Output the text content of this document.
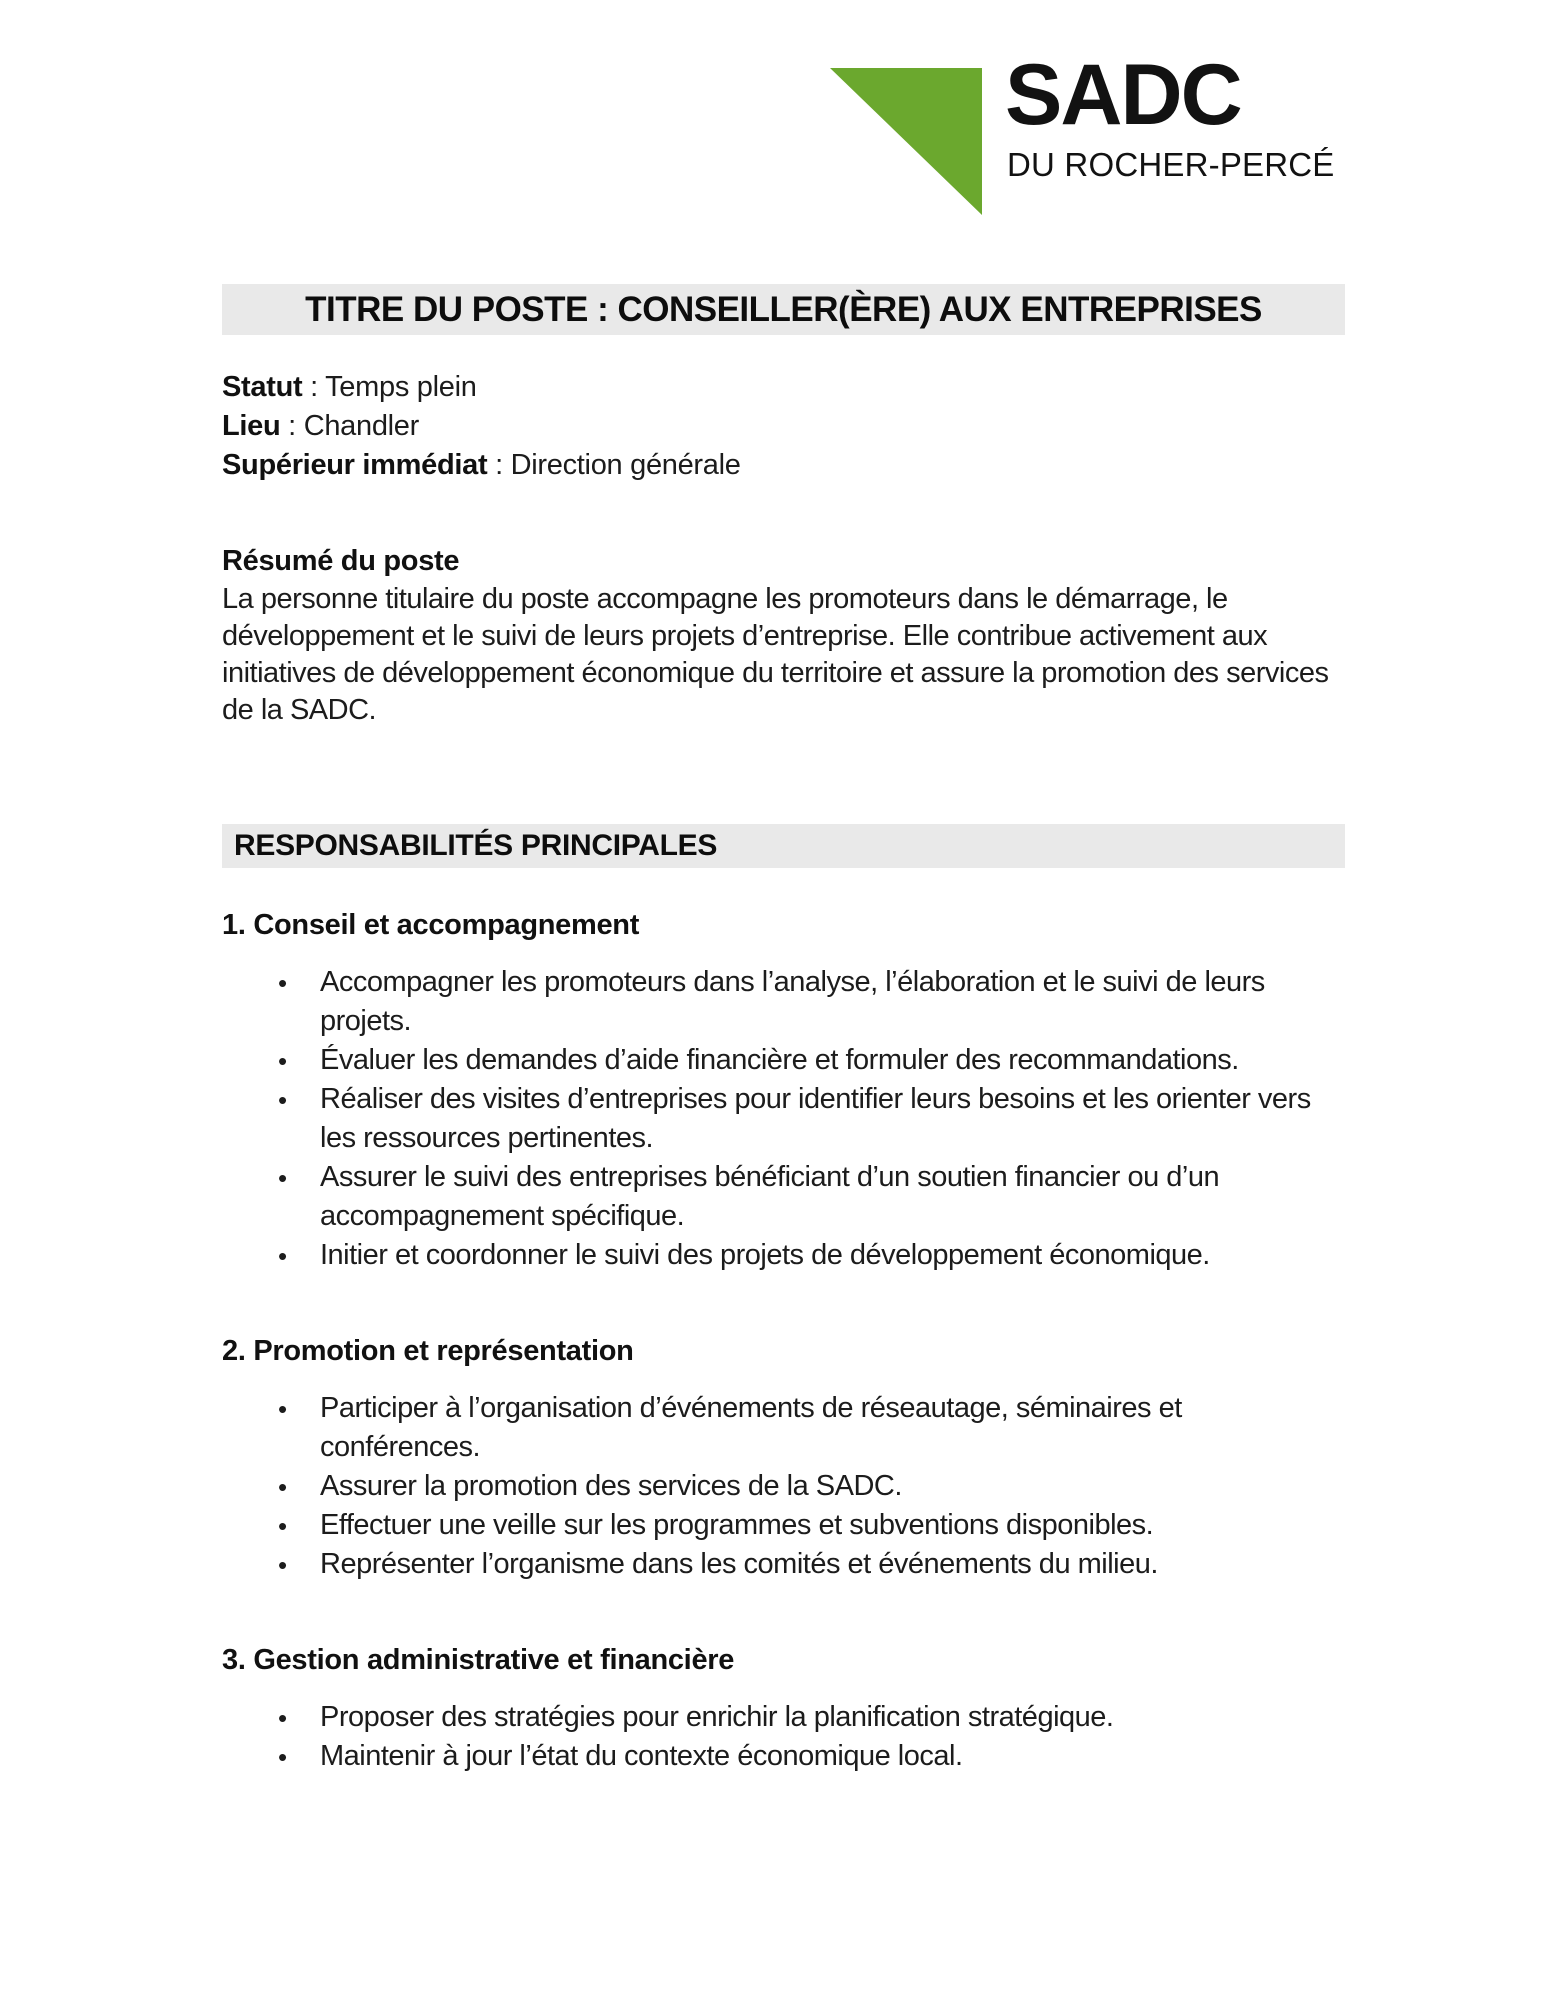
SADC
DU ROCHER-PERCÉ
TITRE DU POSTE : CONSEILLER(ÈRE) AUX ENTREPRISES

Statut : Temps plein

Lieu : Chandler

Supérieur immédiat : Direction générale

Résumé du poste

La personne titulaire du poste accompagne les promoteurs dans le démarrage, le développement et le suivi de leurs projets d’entreprise. Elle contribue activement aux initiatives de développement économique du territoire et assure la promotion des services de la SADC.

RESPONSABILITÉS PRINCIPALES
1. Conseil et accompagnement
• Accompagner les promoteurs dans l’analyse, l’élaboration et le suivi de leurs projets.
• Évaluer les demandes d’aide financière et formuler des recommandations.
• Réaliser des visites d’entreprises pour identifier leurs besoins et les orienter vers les ressources pertinentes.
• Assurer le suivi des entreprises bénéficiant d’un soutien financier ou d’un accompagnement spécifique.
• Initier et coordonner le suivi des projets de développement économique.
2. Promotion et représentation
• Participer à l’organisation d’événements de réseautage, séminaires et conférences.
• Assurer la promotion des services de la SADC.
• Effectuer une veille sur les programmes et subventions disponibles.
• Représenter l’organisme dans les comités et événements du milieu.
3. Gestion administrative et financière
• Proposer des stratégies pour enrichir la planification stratégique.
• Maintenir à jour l’état du contexte économique local.
